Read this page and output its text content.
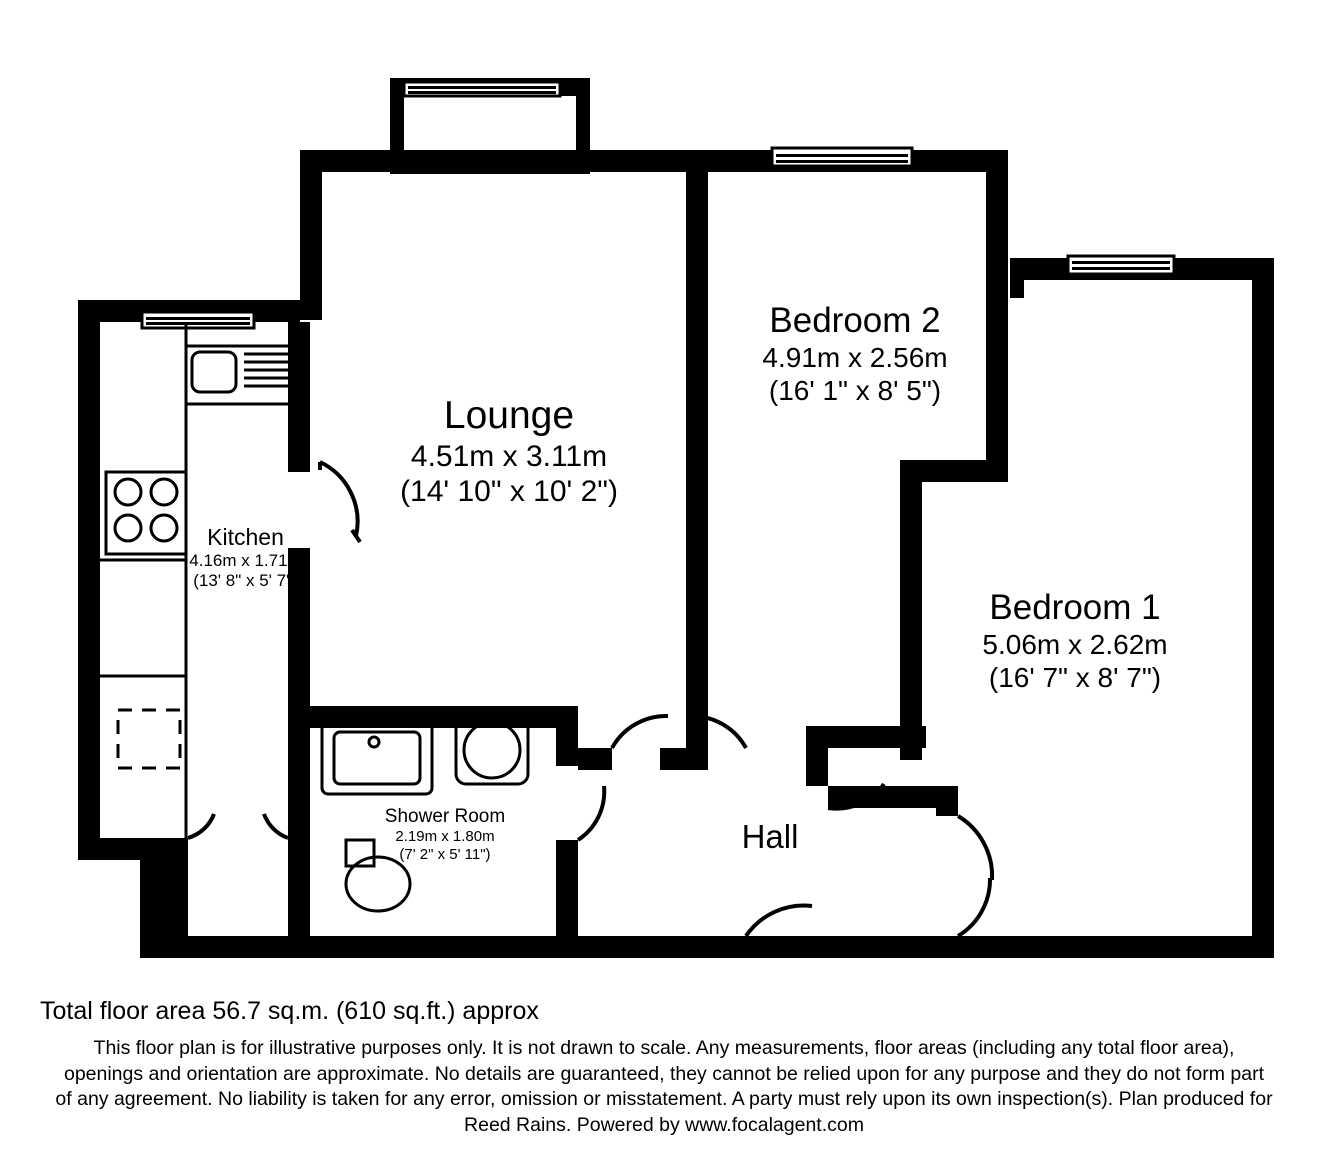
Lounge
4.51m x 3.11m
(14' 10" x 10' 2")
Bedroom 2
4.91m x 2.56m
(16' 1" x 8' 5")
Bedroom 1
5.06m x 2.62m
(16' 7" x 8' 7")
Kitchen
4.16m x 1.71m
(13' 8" x 5' 7")
Shower Room
2.19m x 1.80m
(7' 2" x 5' 11")	Hall
Total floor area 56.7 sq.m. (610 sq.ft.) approx
This floor plan is for illustrative purposes only. It is not drawn to scale. Any measurements, floor areas (including any total floor area), openings and orientation are approximate. No details are guaranteed, they cannot be relied upon for any purpose and they do not form part of any agreement. No liability is taken for any error, omission or misstatement. A party must rely upon its own inspection(s). Plan produced for Reed Rains. Powered by www.focalagent.com
